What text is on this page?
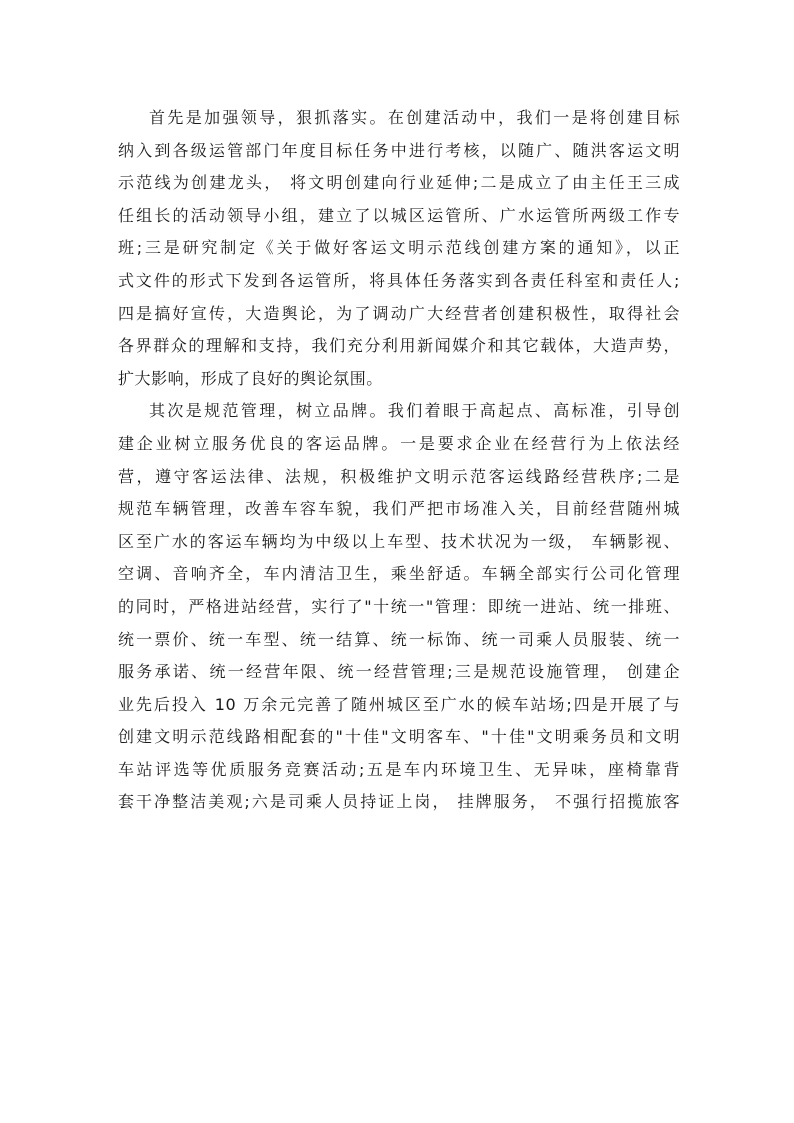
首先是加强领导，狠抓落实。在创建活动中，我们一是将创建目标
纳入到各级运管部门年度目标任务中进行考核，以随广、随洪客运文明
示范线为创建龙头， 将文明创建向行业延伸;二是成立了由主任王三成
任组长的活动领导小组，建立了以城区运管所、广水运管所两级工作专
班;三是研究制定《关于做好客运文明示范线创建方案的通知》，以正
式文件的形式下发到各运管所，将具体任务落实到各责任科室和责任人;
四是搞好宣传，大造舆论，为了调动广大经营者创建积极性，取得社会
各界群众的理解和支持，我们充分利用新闻媒介和其它载体，大造声势，
扩大影响，形成了良好的舆论氛围。

其次是规范管理，树立品牌。我们着眼于高起点、高标准，引导创
建企业树立服务优良的客运品牌。一是要求企业在经营行为上依法经
营，遵守客运法律、法规，积极维护文明示范客运线路经营秩序;二是
规范车辆管理，改善车容车貌，我们严把市场准入关，目前经营随州城
区至广水的客运车辆均为中级以上车型、技术状况为一级， 车辆影视、
空调、音响齐全，车内清洁卫生，乘坐舒适。车辆全部实行公司化管理
的同时，严格进站经营，实行了"十统一"管理：即统一进站、统一排班、
统一票价、统一车型、统一结算、统一标饰、统一司乘人员服装、统一
服务承诺、统一经营年限、统一经营管理;三是规范设施管理， 创建企
业先后投入 10 万余元完善了随州城区至广水的候车站场;四是开展了与
创建文明示范线路相配套的"十佳"文明客车、"十佳"文明乘务员和文明
车站评选等优质服务竞赛活动;五是车内环境卫生、无异味，座椅靠背
套干净整洁美观;六是司乘人员持证上岗， 挂牌服务， 不强行招揽旅客
